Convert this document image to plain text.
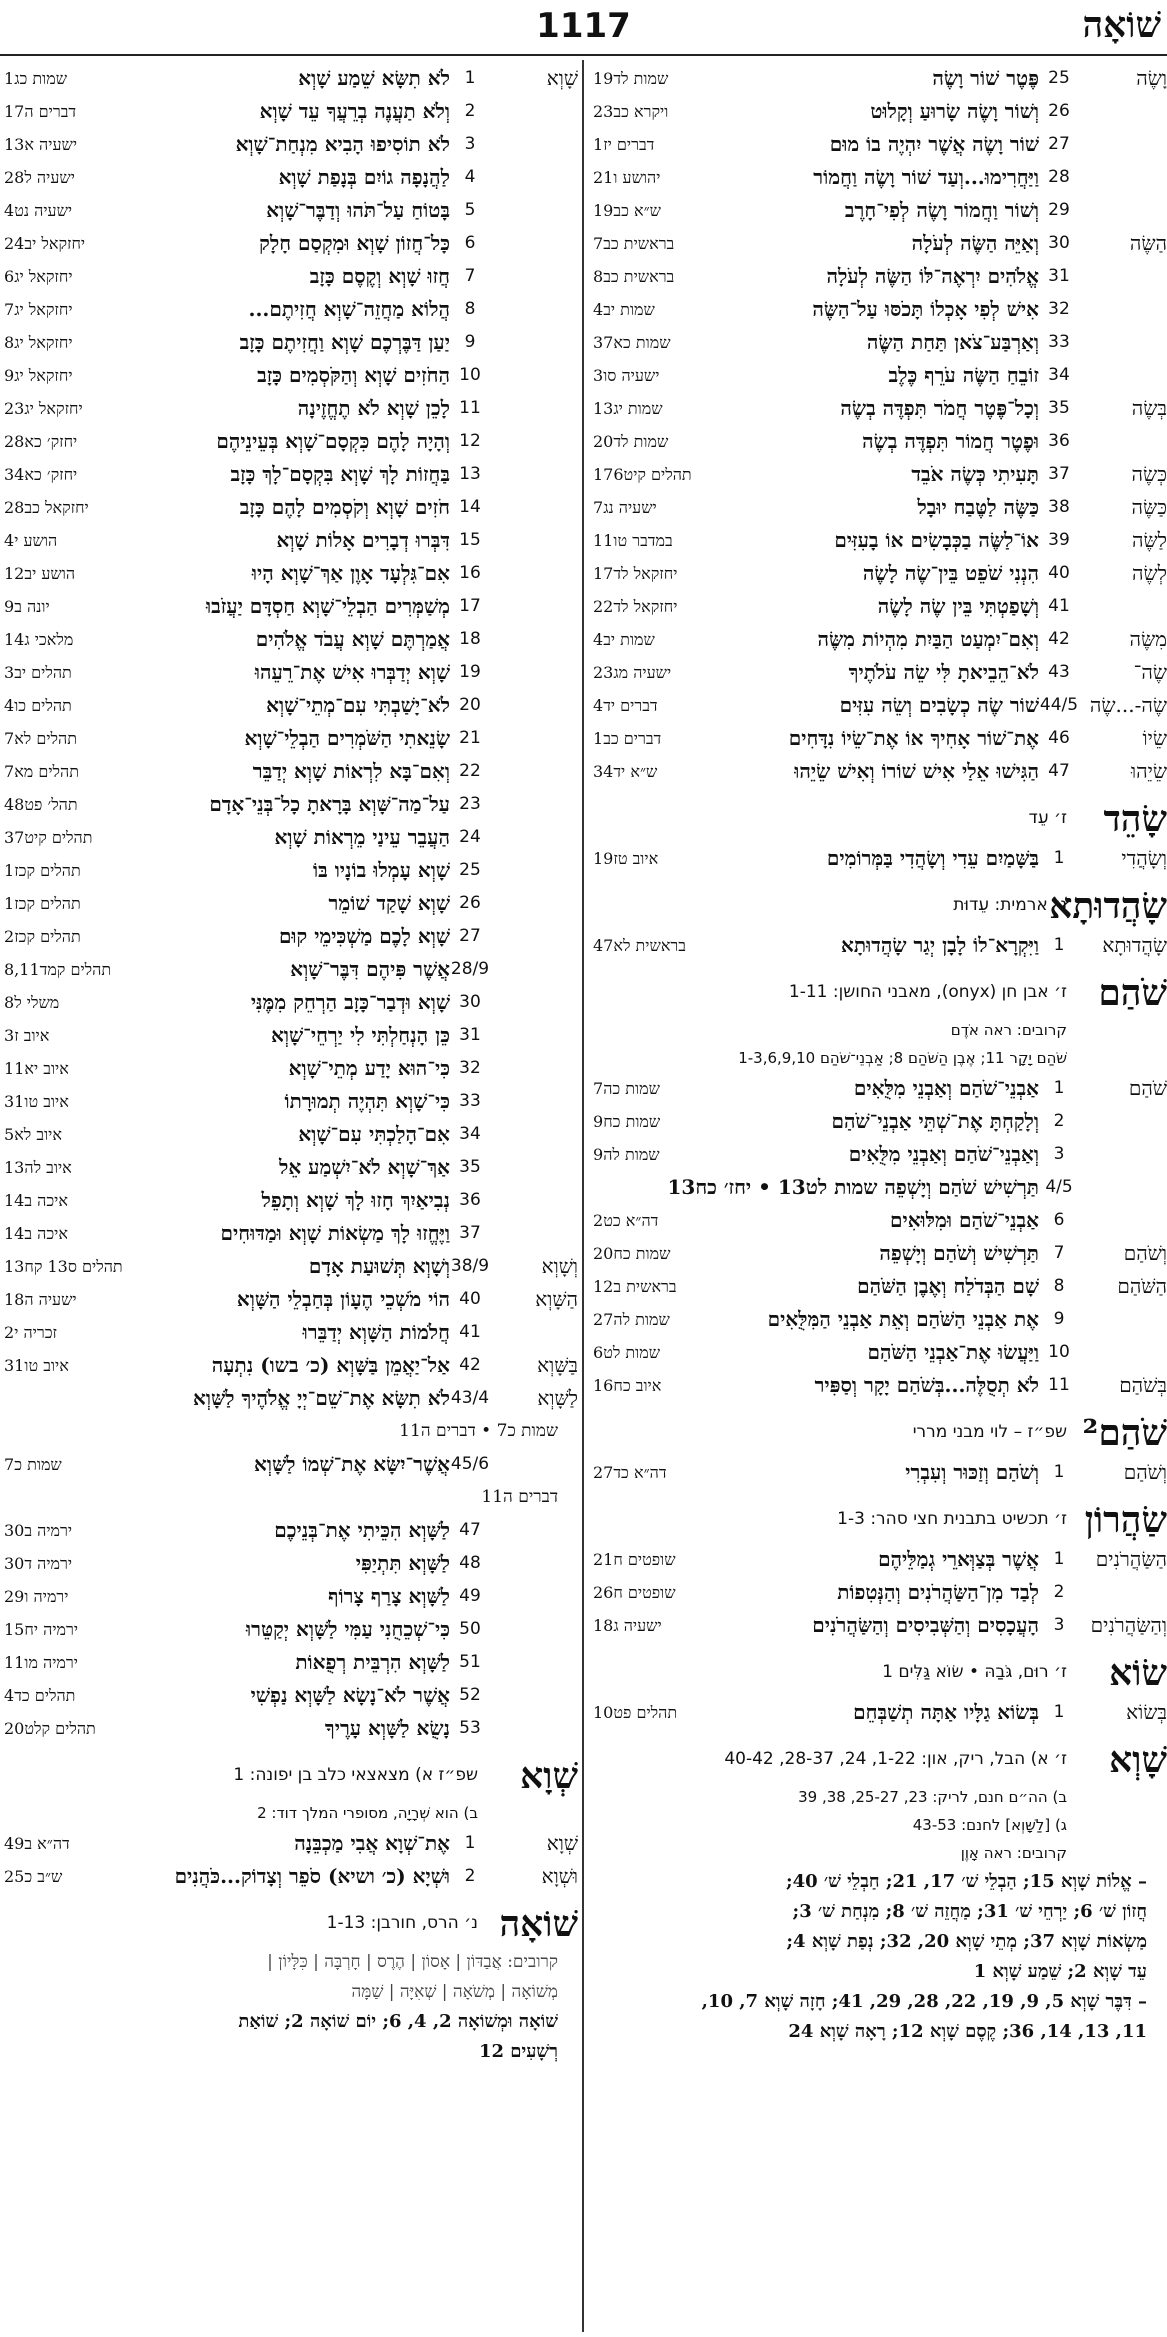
שׁוֹאָה
1117
וָשֶׂה
25
פֶּטֶר שׁוֹר וָשֶׂה
שמות לד19
26
וְשׁוֹר וָשֶׂה שָׂרוּעַ וְקָלוּט
ויקרא כב23
27
שׁוֹר וָשֶׂה אֲשֶׁר יִהְיֶה בוֹ מוּם
דברים יז1
28
וַיַּחֲרִימוּ...וְעַד שׁוֹר וָשֶׂה וַחֲמוֹר
יהושע ו21
29
וְשׁוֹר וַחֲמוֹר וָשֶׂה לְפִי־חָרֶב
ש״א כב19
הַשֶּׂה
30
וְאַיֵּה הַשֶּׂה לְעֹלָה
בראשית כב7
31
אֱלֹהִים יִרְאֶה־לּוֹ הַשֶּׂה לְעֹלָה
בראשית כב8
32
אִישׁ לְפִי אָכְלוֹ תָּכֹסּוּ עַל־הַשֶּׂה
שמות יב4
33
וְאַרְבַּע־צֹאן תַּחַת הַשֶּׂה
שמות כא37
34
זוֹבֵחַ הַשֶּׂה עֹרֵף כֶּלֶב
ישעיה סו3
בְּשֶׂה
35
וְכָל־פֶּטֶר חֲמֹר תִּפְדֶּה בְשֶׂה
שמות יג13
36
וּפֶטֶר חֲמוֹר תִּפְדֶּה בְשֶׂה
שמות לד20
כְּשֶׂה
37
תָּעִיתִי כְּשֶׂה אֹבֵד
תהלים קיט176
כַּשֶּׂה
38
כַּשֶּׂה לַטֶּבַח יוּבָל
ישעיה נג7
לַשֶּׂה
39
אוֹ־לַשֶּׂה בַכְּבָשִׂים אוֹ בָעִזִּים
במדבר טו11
לְשֶׂה
40
הִנְנִי שֹׁפֵט בֵּין־שֶׂה לָשֶׂה
יחזקאל לד17
41
וְשָׁפַטְתִּי בֵּין שֶׂה לָשֶׂה
יחזקאל לד22
מִשֶּׂה
42
וְאִם־יִמְעַט הַבַּיִת מִהְיוֹת מִשֶּׂה
שמות יב4
שֶׂה־
43
לֹא־הֵבֵיאתָ לִּי שֵׂה עֹלֹתֶיךָ
ישעיה מג23
שֶׂה-...שֶׂה
44/5
שׁוֹר שֶׂה כְשָׂבִים וְשֵׂה עִזִּים
דברים יד4
שֵׂיוֹ
46
אֶת־שׁוֹר אָחִיךָ אוֹ אֶת־שֵׂיוֹ נִדָּחִים
דברים כב1
שֵׂיֵהוּ
47
הַגִּישׁוּ אֵלַי אִישׁ שׁוֹרוֹ וְאִישׁ שֵׂיֵהוּ
ש״א יד34
שָׂהֵד
ז׳ עֵד
וְשָׂהֲדִי
1
בַּשָּׁמַיִם עֵדִי וְשָׂהֲדִי בַּמְּרוֹמִים
איוב טז19
שָׂהֲדוּתָא
נ׳ ארמית: עֵדוּת
שָׂהֲדוּתָא
1
וַיִּקְרָא־לוֹ לָבָן יְגַר שָׂהֲדוּתָא
בראשית לא47
שֹׁהַם
ז׳ אבן חן (onyx), מאבני החושן: 1-11
קרובים: ראה אֹדֶם
שֹׁהַם יָקָר 11; אֶבֶן הַשֹּׁהַם 8; אַבְנֵי־שֹׁהַם 1-3,6,9,10
שֹׁהַם
1
אַבְנֵי־שֹׁהַם וְאַבְנֵי מִלֻּאִים
שמות כה7
2
וְלָקַחְתָּ אֶת־שְׁתֵּי אַבְנֵי־שֹׁהַם
שמות כח9
3
וְאַבְנֵי־שֹׁהַם וְאַבְנֵי מִלֻּאִים
שמות לה9
4/5
תַּרְשִׁישׁ שֹׁהַם וְיָשְׁפֵה שמות לט13 • יחז׳ כח13
6
אַבְנֵי־שֹׁהַם וּמִלּוּאִים
דה״א כט2
וְשֹׁהַם
7
תַּרְשִׁישׁ וְשֹׁהַם וְיָשְׁפֵה
שמות כח20
הַשֹּׁהַם
8
שָׁם הַבְּדֹלַח וְאֶבֶן הַשֹּׁהַם
בראשית ב12
9
אֶת אַבְנֵי הַשֹּׁהַם וְאֵת אַבְנֵי הַמִּלֻּאִים
שמות לה27
10
וַיַּעֲשׂוּ אֶת־אַבְנֵי הַשֹּׁהַם
שמות לט6
בְּשֹׁהַם
11
לֹא תְסֻלֶּה...בְּשֹׁהַם יָקָר וְסַפִּיר
איוב כח16
שֹׁהַם²
שפ״ז – לוי מבני מררי
וְשֹׁהַם
1
וְשֹׁהַם וְזַכּוּר וְעִבְרִי
דה״א כד27
שַׂהֲרוֹן
ז׳ תכשיט בתבנית חצי סהר: 1-3
הַשַּׂהֲרֹנִים
1
אֲשֶׁר בְּצַוְּארֵי גְמַלֵּיהֶם
שופטים ח21
2
לְבַד מִן־הַשַּׂהֲרֹנִים וְהַנְּטִפוֹת
שופטים ח26
וְהַשַּׂהֲרֹנִים
3
הָעֲכָסִים וְהַשְּׁבִיסִים וְהַשַּׂהֲרֹנִים
ישעיה ג18
שׂוֹא
ז׳ רוּם, גֹּבַהּ • שׂוֹא גַּלִּים 1
בְּשׂוֹא
1
בְּשׂוֹא גַלָּיו אַתָּה תְשַׁבְּחֵם
תהלים פט10
שָׁוְא
ז׳ א) הבל, ריק, און: 1-22, 24, 28-37, 40-42
ב) הה״ם חנם, לריק: 23, 25-27, 38, 39
ג) [לַשָּׁוְא] לחנם: 43-53
קרובים: ראה אָוֶן
– אֱלוֹת שָׁוְא 15; הַבְלֵי שׁ׳ 17, 21; חַבְלֵי שׁ׳ 40;
חֲזוֹן שׁ׳ 6; יַרְחֵי שׁ׳ 31; מַחֲזֵה שׁ׳ 8; מִנְחַת שׁ׳ 3;
מַשְׂאוֹת שָׁוְא 37; מְתֵי שָׁוְא 20, 32; נְפַת שָׁוְא 4;
עֵד שָׁוְא 2; שֵׁמַע שָׁוְא 1
– דִּבֶּר שָׁוְא 5, 9, 19, 22, 28, 29, 41; חָזָה שָׁוְא 7, 10,
11, 13, 14, 36; קֶסֶם שָׁוְא 12; רָאָה שָׁוְא 24
שָׁוְא
1
לֹא תִשָּׂא שֵׁמַע שָׁוְא
שמות כג1
2
וְלֹא תַעֲנֶה בְרֵעֲךָ עֵד שָׁוְא
דברים ה17
3
לֹא תוֹסִיפוּ הָבִיא מִנְחַת־שָׁוְא
ישעיה א13
4
לַהֲנָפָה גוֹיִם בְּנָפַת שָׁוְא
ישעיה ל28
5
בָּטוֹחַ עַל־תֹּהוּ וְדַבֶּר־שָׁוְא
ישעיה נט4
6
כָּל־חֲזוֹן שָׁוְא וּמִקְסַם חָלָק
יחזקאל יב24
7
חֲזוּ שָׁוְא וְקֶסֶם כָּזָב
יחזקאל יג6
8
הֲלוֹא מַחֲזֵה־שָׁוְא חֲזִיתֶם...
יחזקאל יג7
9
יַעַן דַּבֶּרְכֶם שָׁוְא וַחֲזִיתֶם כָּזָב
יחזקאל יג8
10
הַחֹזִים שָׁוְא וְהַקֹּסְמִים כָּזָב
יחזקאל יג9
11
לָכֵן שָׁוְא לֹא תֶחֱזֶינָה
יחזקאל יג23
12
וְהָיָה לָהֶם כִּקְסָם־שָׁוְא בְּעֵינֵיהֶם
יחזק׳ כא28
13
בַּחֲזוֹת לָךְ שָׁוְא בִּקְסָם־לָךְ כָּזָב
יחזק׳ כא34
14
חֹזִים שָׁוְא וְקֹסְמִים לָהֶם כָּזָב
יחזקאל כב28
15
דִּבְּרוּ דְבָרִים אָלוֹת שָׁוְא
הושע י4
16
אִם־גִּלְעָד אָוֶן אַךְ־שָׁוְא הָיוּ
הושע יב12
17
מְשַׁמְּרִים הַבְלֵי־שָׁוְא חַסְדָּם יַעֲזֹבוּ
יונה ב9
18
אֲמַרְתֶּם שָׁוְא עֲבֹד אֱלֹהִים
מלאכי ג14
19
שָׁוְא יְדַבְּרוּ אִישׁ אֶת־רֵעֵהוּ
תהלים יב3
20
לֹא־יָשַׁבְתִּי עִם־מְתֵי־שָׁוְא
תהלים כו4
21
שָׂנֵאתִי הַשֹּׁמְרִים הַבְלֵי־שָׁוְא
תהלים לא7
22
וְאִם־בָּא לִרְאוֹת שָׁוְא יְדַבֵּר
תהלים מא7
23
עַל־מַה־שָּׁוְא בָּרָאתָ כָל־בְּנֵי־אָדָם
תהל׳ פט48
24
הַעֲבֵר עֵינַי מֵרְאוֹת שָׁוְא
תהלים קיט37
25
שָׁוְא עָמְלוּ בוֹנָיו בּוֹ
תהלים קכז1
26
שָׁוְא שָׁקַד שׁוֹמֵר
תהלים קכז1
27
שָׁוְא לָכֶם מַשְׁכִּימֵי קוּם
תהלים קכז2
28/9
אֲשֶׁר פִּיהֶם דִּבֶּר־שָׁוְא
תהלים קמד8,11
30
שָׁוְא וּדְבַר־כָּזָב הַרְחֵק מִמֶּנִּי
משלי ל8
31
כֵּן הָנְחַלְתִּי לִי יַרְחֵי־שָׁוְא
איוב ז3
32
כִּי־הוּא יָדַע מְתֵי־שָׁוְא
איוב יא11
33
כִּי־שָׁוְא תִּהְיֶה תְמוּרָתוֹ
איוב טו31
34
אִם־הָלַכְתִּי עִם־שָׁוְא
איוב לא5
35
אַךְ־שָׁוְא לֹא־יִשְׁמַע אֵל
איוב לה13
36
נְבִיאַיִךְ חָזוּ לָךְ שָׁוְא וְתָפֵל
איכה ב14
37
וַיֶּחֱזוּ לָךְ מַשְׂאוֹת שָׁוְא וּמַדּוּחִים
איכה ב14
וְשָׁוְא
38/9
וְשָׁוְא תְּשׁוּעַת אָדָם
תהלים ס13 קח13
הַשָּׁוְא
40
הוֹי מֹשְׁכֵי הֶעָוֹן בְּחַבְלֵי הַשָּׁוְא
ישעיה ה18
41
חֲלֹמוֹת הַשָּׁוְא יְדַבֵּרוּ
זכריה י2
בַּשָּׁוְא
42
אַל־יַאֲמֵן בַּשָּׁוְא (כ׳ בשו) נִתְעָה
איוב טו31
לַשָּׁוְא
43/4
לֹא תִשָּׂא אֶת־שֵׁם־יְיָ אֱלֹהֶיךָ לַשָּׁוְא
שמות כ7 • דברים ה11
45/6
אֲשֶׁר־יִשָּׂא אֶת־שְׁמוֹ לַשָּׁוְא
שמות כ7
דברים ה11
47
לַשָּׁוְא הִכֵּיתִי אֶת־בְּנֵיכֶם
ירמיה ב30
48
לַשָּׁוְא תִּתְיַפִּי
ירמיה ד30
49
לַשָּׁוְא צָרַף צָרוֹף
ירמיה ו29
50
כִּי־שְׁכֵחֻנִי עַמִּי לַשָּׁוְא יְקַטֵּרוּ
ירמיה יח15
51
לַשָּׁוְא הִרְבֵּית רְפֻאוֹת
ירמיה מו11
52
אֲשֶׁר לֹא־נָשָׂא לַשָּׁוְא נַפְשִׁי
תהלים כד4
53
נָשֻׂא לַשָּׁוְא עָרֶיךָ
תהלים קלט20
שְׁוָא
שפ״ז א) מצאצאי כלב בן יפונה: 1
ב) הוא שְׁרָיָה, מסופרי המלך דוד: 2
שְׁוָא
1
אֶת־שְׁוָא אֲבִי מַכְבֵּנָה
דה״א ב49
וּשְׁוָא
2
וּשְׁיָא (כ׳ ושיא) סֹפֵר וְצָדוֹק...כֹּהֲנִים
ש״ב כ25
שׁוֹאָה
נ׳ הרס, חורבן: 1-13
קרובים: אֲבַדּוֹן | אָסוֹן | הֶרֶס | חָרְבָּה | כִּלָּיוֹן |
מְשׁוֹאָה | מְשֹׁאָה | שְׁאִיָּה | שַׁמָּה
שׁוֹאָה וּמְשׁוֹאָה 2, 4, 6; יוֹם שׁוֹאָה 2; שׁוֹאַת
רְשָׁעִים 12
